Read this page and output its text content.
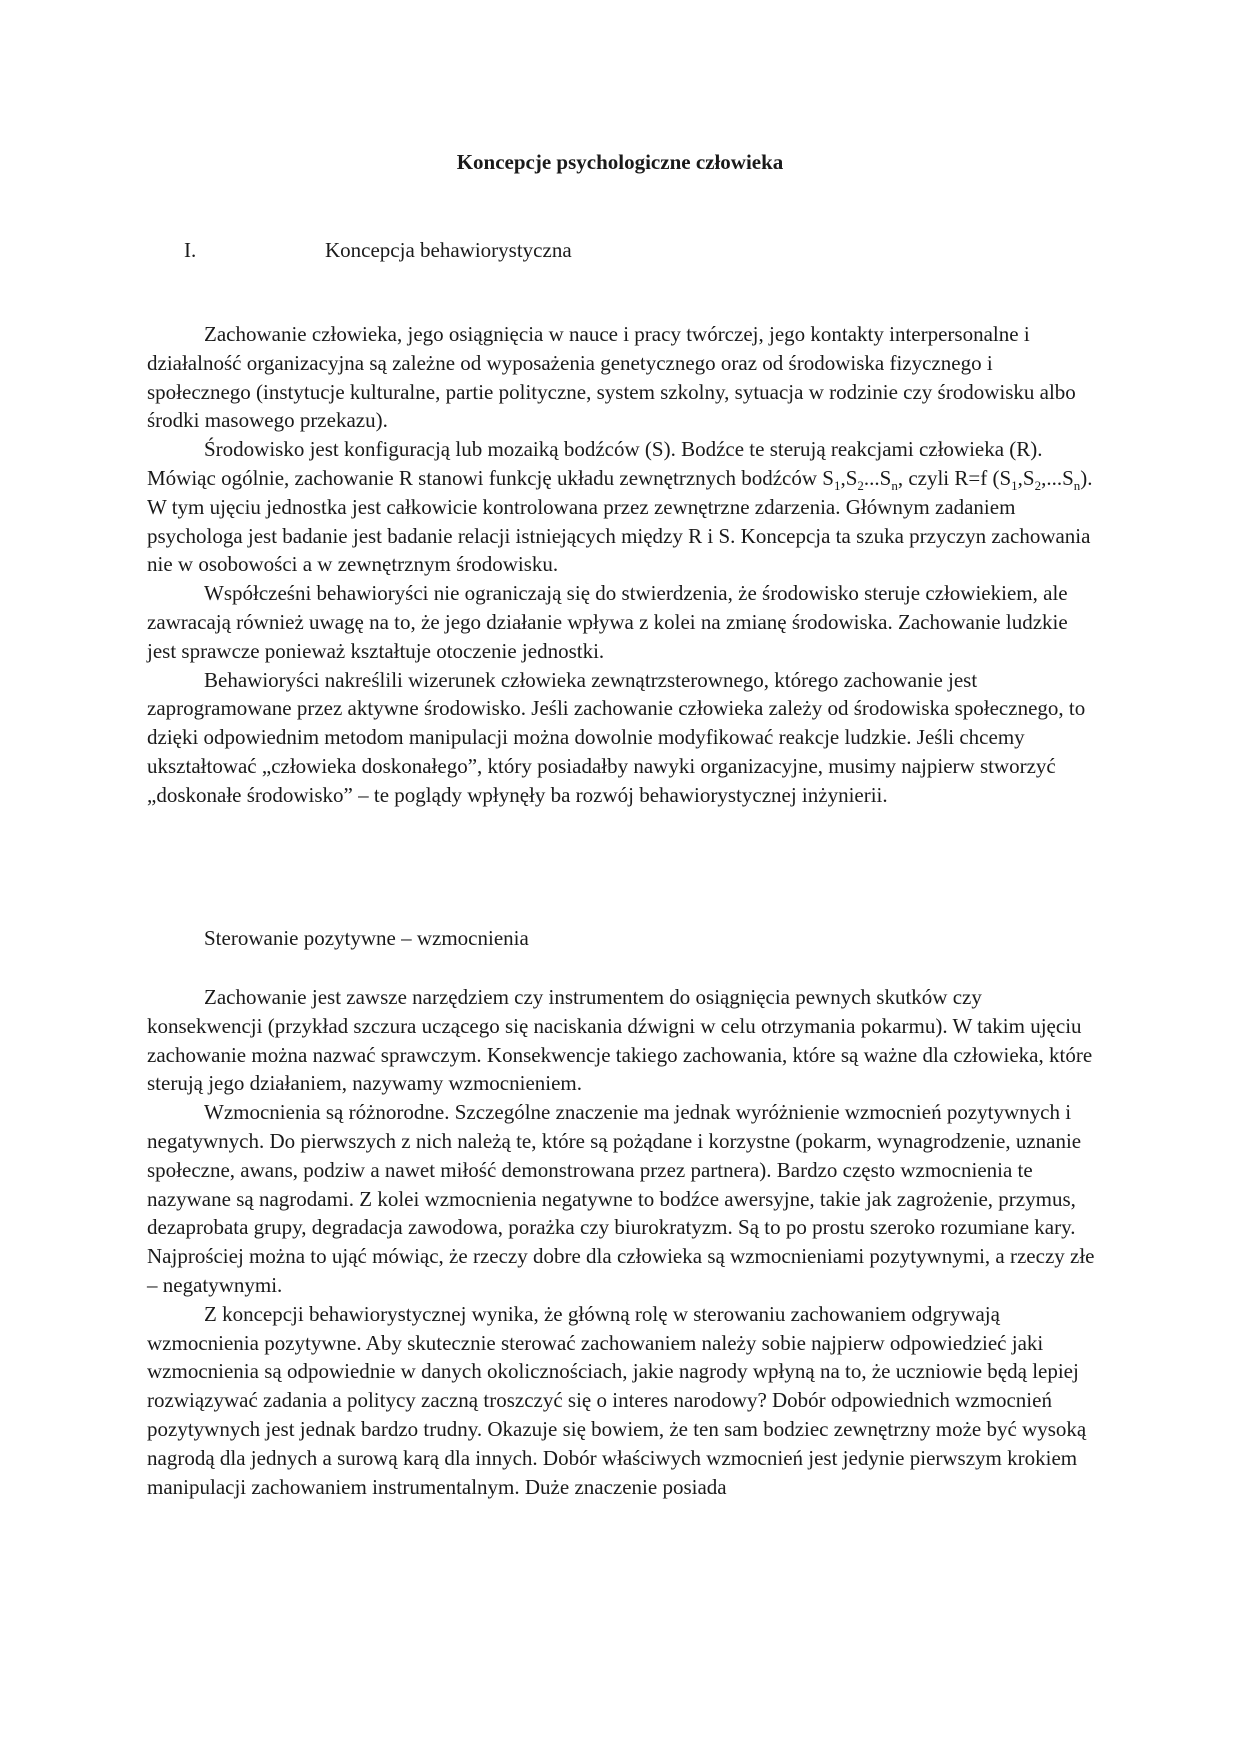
Koncepcje psychologiczne człowieka
I.	Koncepcja behawiorystyczna

Zachowanie człowieka, jego osiągnięcia w nauce i pracy twórczej, jego kontakty interpersonalne i działalność organizacyjna są zależne od wyposażenia genetycznego oraz od środowiska fizycznego i społecznego (instytucje kulturalne, partie polityczne, system szkolny, sytuacja w rodzinie czy środowisku albo środki masowego przekazu).

Środowisko jest konfiguracją lub mozaiką bodźców (S). Bodźce te sterują reakcjami człowieka (R). Mówiąc ogólnie, zachowanie R stanowi funkcję układu zewnętrznych bodźców $S_1,S_2...S_n$, czyli R=f $(S_1,S_2,...S_n)$. W tym ujęciu jednostka jest całkowicie kontrolowana przez zewnętrzne zdarzenia. Głównym zadaniem psychologa jest badanie jest badanie relacji istniejących między R i S. Koncepcja ta szuka przyczyn zachowania nie w osobowości a w zewnętrznym środowisku.

Współcześni behawioryści nie ograniczają się do stwierdzenia, że środowisko steruje człowiekiem, ale zawracają również uwagę na to, że jego działanie wpływa z kolei na zmianę środowiska. Zachowanie ludzkie jest sprawcze ponieważ kształtuje otoczenie jednostki.

Behawioryści nakreślili wizerunek człowieka zewnątrzsterownego, którego zachowanie jest zaprogramowane przez aktywne środowisko. Jeśli zachowanie człowieka zależy od środowiska społecznego, to dzięki odpowiednim metodom manipulacji można dowolnie modyfikować reakcje ludzkie. Jeśli chcemy ukształtować „człowieka doskonałego”, który posiadałby nawyki organizacyjne, musimy najpierw stworzyć „doskonałe środowisko” – te poglądy wpłynęły ba rozwój behawiorystycznej inżynierii.

Sterowanie pozytywne – wzmocnienia

Zachowanie jest zawsze narzędziem czy instrumentem do osiągnięcia pewnych skutków czy konsekwencji (przykład szczura uczącego się naciskania dźwigni w celu otrzymania pokarmu). W takim ujęciu zachowanie można nazwać sprawczym. Konsekwencje takiego zachowania, które są ważne dla człowieka, które sterują jego działaniem, nazywamy wzmocnieniem.

Wzmocnienia są różnorodne. Szczególne znaczenie ma jednak wyróżnienie wzmocnień pozytywnych i negatywnych. Do pierwszych z nich należą te, które są pożądane i korzystne (pokarm, wynagrodzenie, uznanie społeczne, awans, podziw a nawet miłość demonstrowana przez partnera). Bardzo często wzmocnienia te nazywane są nagrodami. Z kolei wzmocnienia negatywne to bodźce awersyjne, takie jak zagrożenie, przymus, dezaprobata grupy, degradacja zawodowa, porażka czy biurokratyzm. Są to po prostu szeroko rozumiane kary. Najprościej można to ująć mówiąc, że rzeczy dobre dla człowieka są wzmocnieniami pozytywnymi, a rzeczy złe – negatywnymi.

Z koncepcji behawiorystycznej wynika, że główną rolę w sterowaniu zachowaniem odgrywają wzmocnienia pozytywne. Aby skutecznie sterować zachowaniem należy sobie najpierw odpowiedzieć jaki wzmocnienia są odpowiednie w danych okolicznościach, jakie nagrody wpłyną na to, że uczniowie będą lepiej rozwiązywać zadania a politycy zaczną troszczyć się o interes narodowy? Dobór odpowiednich wzmocnień pozytywnych jest jednak bardzo trudny. Okazuje się bowiem, że ten sam bodziec zewnętrzny może być wysoką nagrodą dla jednych a surową karą dla innych. Dobór właściwych wzmocnień jest jedynie pierwszym krokiem manipulacji zachowaniem instrumentalnym. Duże znaczenie posiada
